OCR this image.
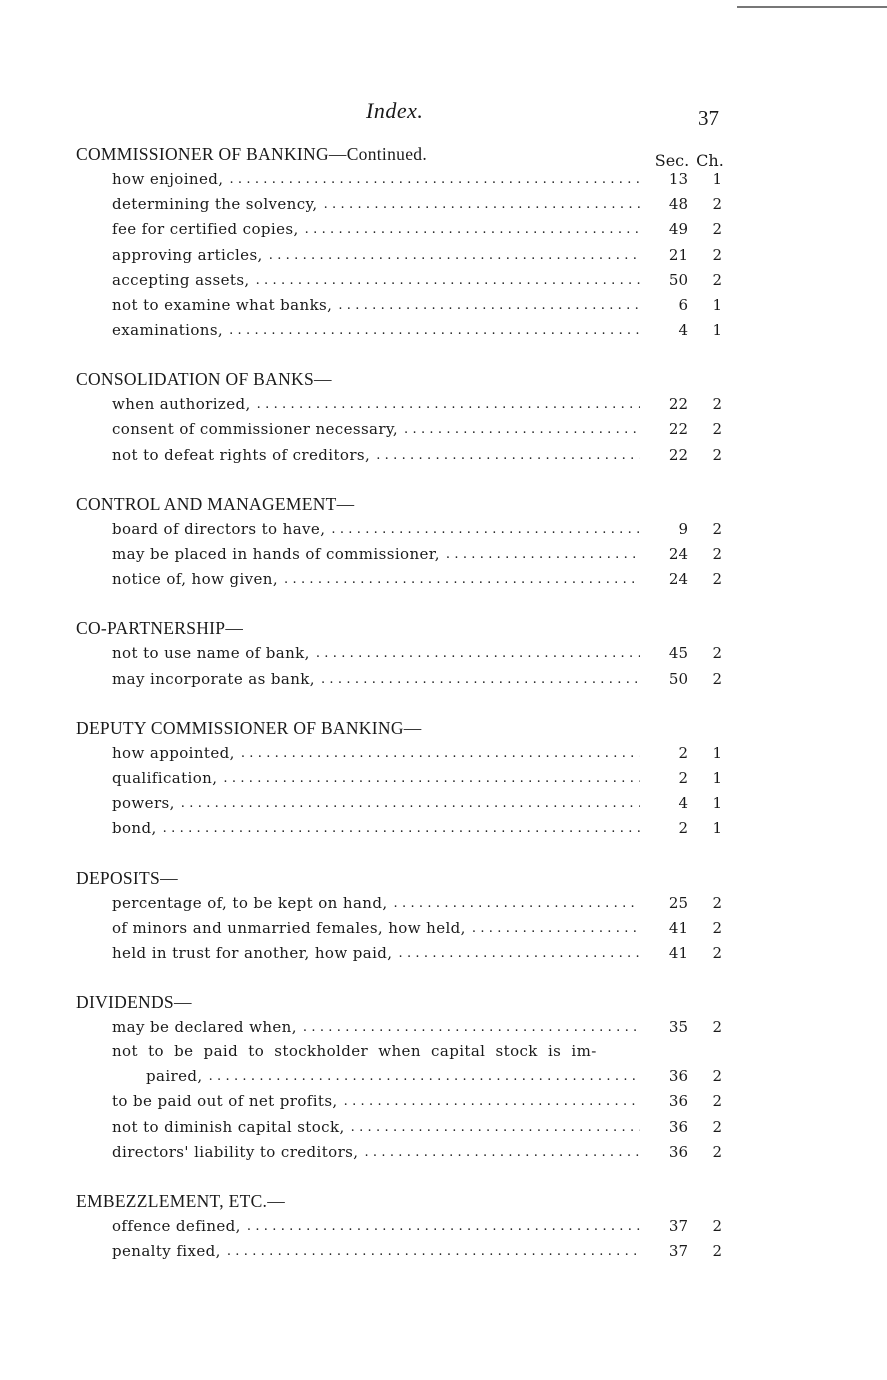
Index.	37
COMMISSIONER OF BANKING—Continued.	Sec. Ch.
how enjoined, . . .	13	1
determining the solvency, . . .	48	2
fee for certified copies, . . .	49	2
approving articles, . . .	21	2
accepting assets, . . .	50	2
not to examine what banks, . . .	6	1
examinations, . . .	4	1
CONSOLIDATION OF BANKS—
when authorized, . . .	22	2
consent of commissioner necessary, . . .	22	2
not to defeat rights of creditors, . . .	22	2
CONTROL AND MANAGEMENT—
board of directors to have, . . .	9	2
may be placed in hands of commissioner, . . .	24	2
notice of, how given, . . .	24	2
CO-PARTNERSHIP—
not to use name of bank, . . .	45	2
may incorporate as bank, . . .	50	2
DEPUTY COMMISSIONER OF BANKING—
how appointed, . . .	2	1
qualification, . . .	2	1
powers, . . .	4	1
bond, . . .	2	1
DEPOSITS—
percentage of, to be kept on hand, . . .	25	2
of minors and unmarried females, how held, . . .	41	2
held in trust for another, how paid, . . .	41	2
DIVIDENDS—
may be declared when, . . .	35	2
not to be paid to stockholder when capital stock is im-
paired, . . .	36	2
to be paid out of net profits, . . .	36	2
not to diminish capital stock, . . .	36	2
directors' liability to creditors, . . .	36	2
EMBEZZLEMENT, ETC.—
offence defined, . . .	37	2
penalty fixed, . . .	37	2
